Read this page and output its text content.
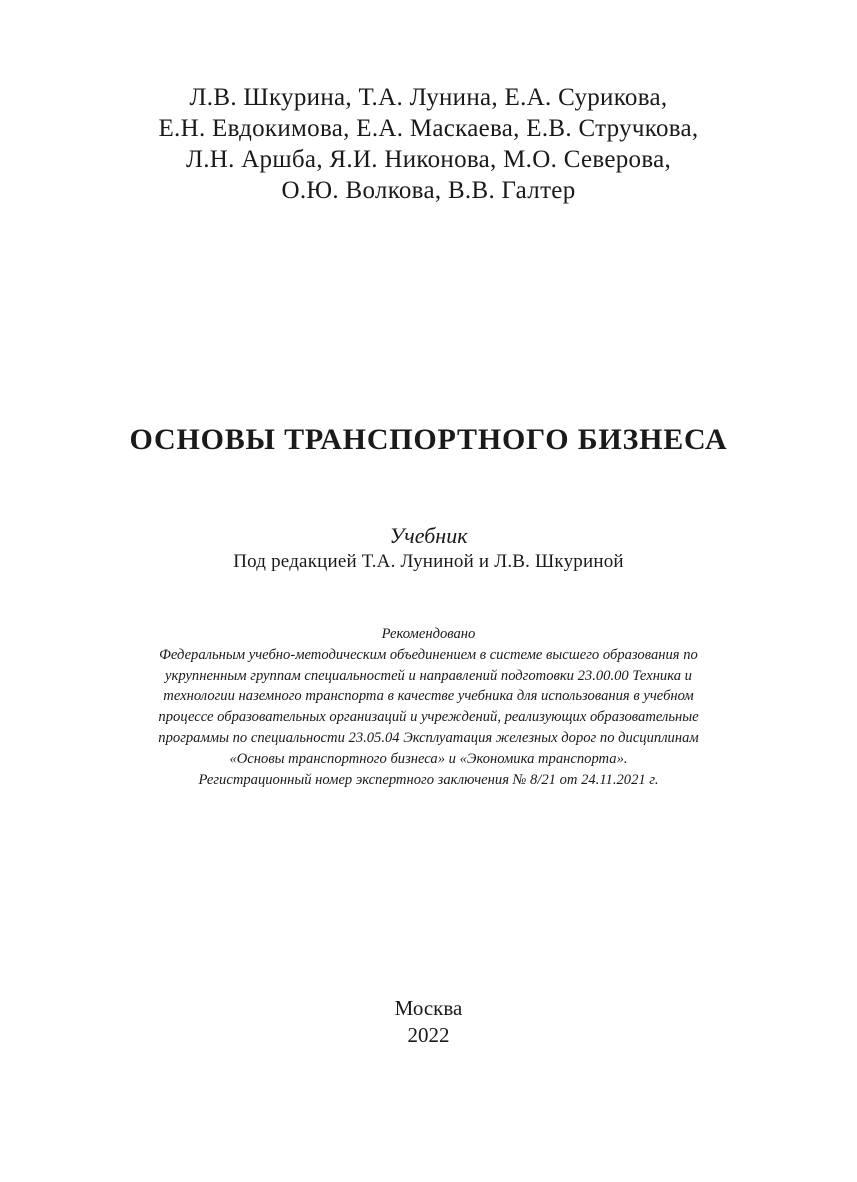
Л.В. Шкурина, Т.А. Лунина, Е.А. Сурикова,
Е.Н. Евдокимова, Е.А. Маскаева, Е.В. Стручкова,
Л.Н. Аршба, Я.И. Никонова, М.О. Северова,
О.Ю. Волкова, В.В. Галтер
ОСНОВЫ ТРАНСПОРТНОГО БИЗНЕСА
Учебник
Под редакцией Т.А. Луниной и Л.В. Шкуриной
Рекомендовано
Федеральным учебно-методическим объединением в системе высшего образования по
укрупненным группам специальностей и направлений подготовки 23.00.00 Техника и
технологии наземного транспорта в качестве учебника для использования в учебном
процессе образовательных организаций и учреждений, реализующих образовательные
программы по специальности 23.05.04 Эксплуатация железных дорог по дисциплинам
«Основы транспортного бизнеса» и «Экономика транспорта».
Регистрационный номер экспертного заключения № 8/21 от 24.11.2021 г.
Москва
2022
